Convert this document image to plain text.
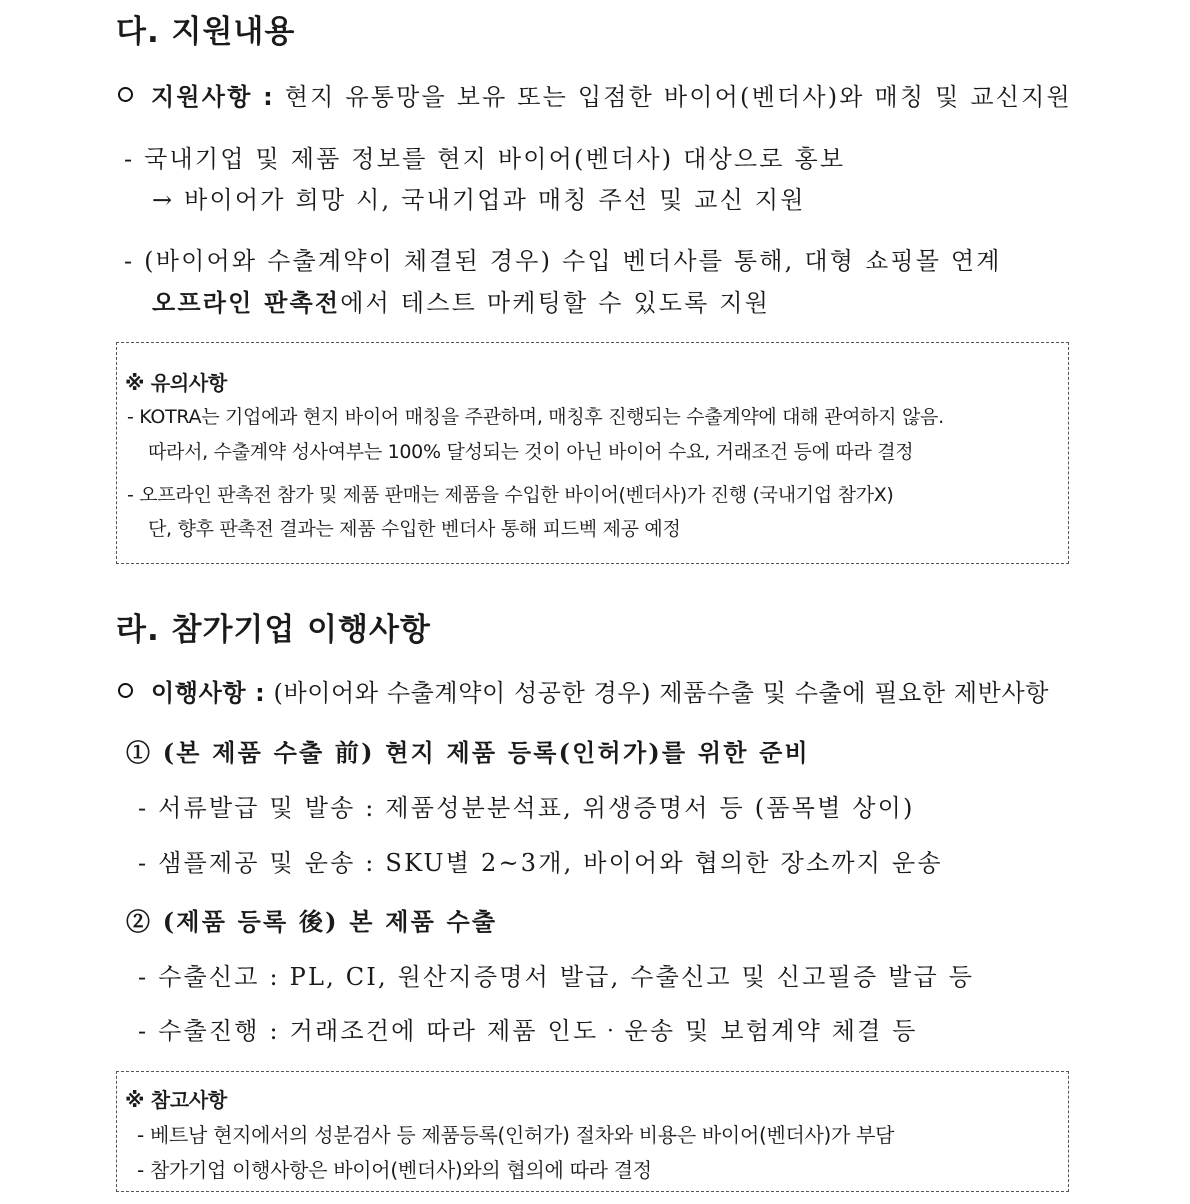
다. 지원내용
지원사항 : 현지 유통망을 보유 또는 입점한 바이어(벤더사)와 매칭 및 교신지원
- 국내기업 및 제품 정보를 현지 바이어(벤더사) 대상으로 홍보
→ 바이어가 희망 시, 국내기업과 매칭 주선 및 교신 지원
- (바이어와 수출계약이 체결된 경우) 수입 벤더사를 통해, 대형 쇼핑몰 연계
오프라인 판촉전에서 테스트 마케팅할 수 있도록 지원
※ 유의사항
- KOTRA는 기업에과 현지 바이어 매칭을 주관하며, 매칭후 진행되는 수출계약에 대해 관여하지 않음.
따라서, 수출계약 성사여부는 100% 달성되는 것이 아닌 바이어 수요, 거래조건 등에 따라 결정
- 오프라인 판촉전 참가 및 제품 판매는 제품을 수입한 바이어(벤더사)가 진행 (국내기업 참가X)
단, 향후 판촉전 결과는 제품 수입한 벤더사 통해 피드벡 제공 예정
라. 참가기업 이행사항
이행사항 : (바이어와 수출계약이 성공한 경우) 제품수출 및 수출에 필요한 제반사항
① (본 제품 수출 前) 현지 제품 등록(인허가)를 위한 준비
- 서류발급 및 발송 : 제품성분분석표, 위생증명서 등 (품목별 상이)
- 샘플제공 및 운송 : SKU별 2~3개, 바이어와 협의한 장소까지 운송
② (제품 등록 後) 본 제품 수출
- 수출신고 : PL, CI, 원산지증명서 발급, 수출신고 및 신고필증 발급 등
- 수출진행 : 거래조건에 따라 제품 인도‧운송 및 보험계약 체결 등
※ 참고사항
- 베트남 현지에서의 성분검사 등 제품등록(인허가) 절차와 비용은 바이어(벤더사)가 부담
- 참가기업 이행사항은 바이어(벤더사)와의 협의에 따라 결정
